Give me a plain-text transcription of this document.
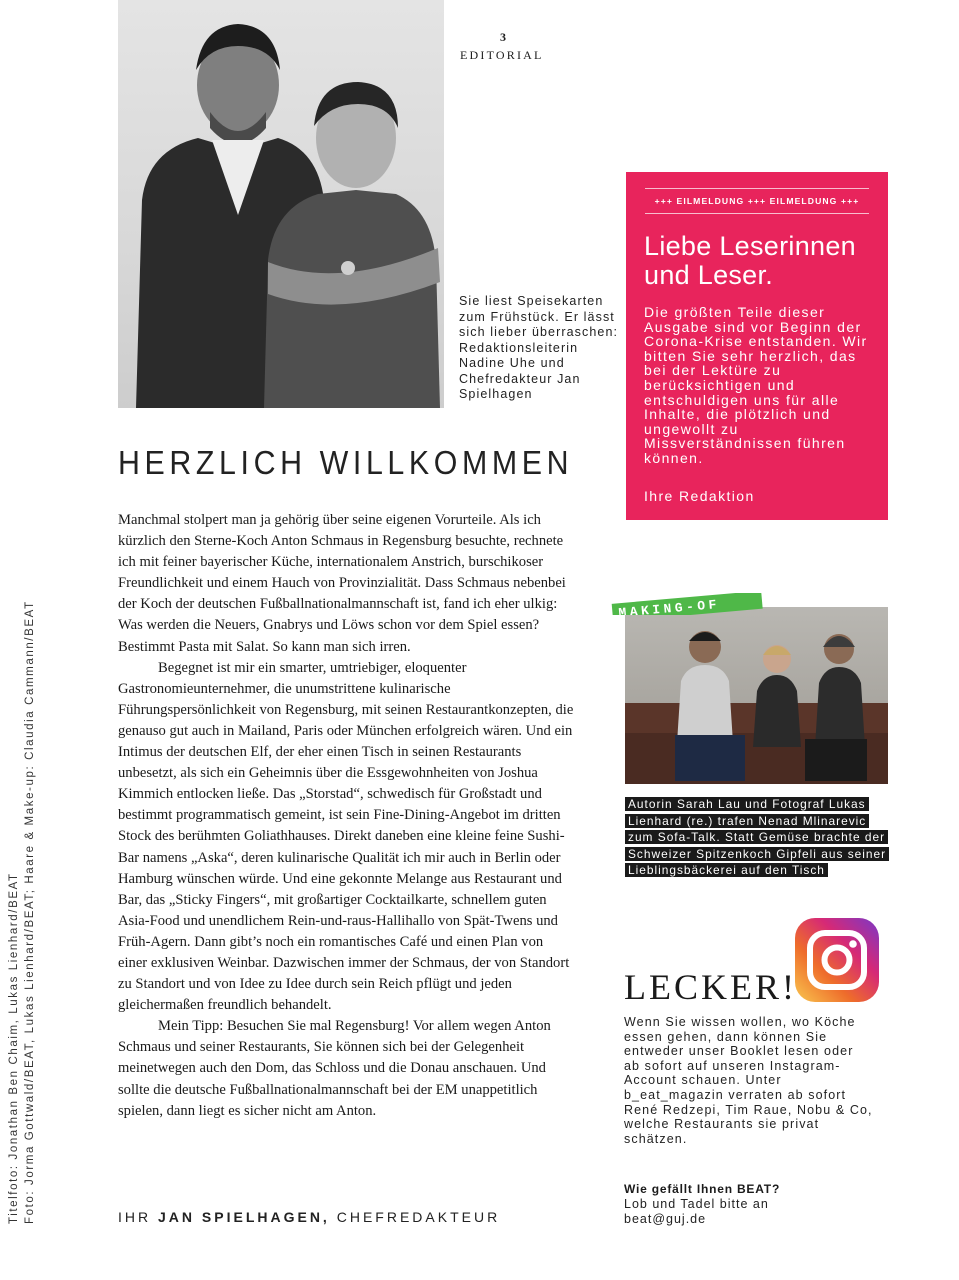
Titelfoto: Jonathan Ben Chaim, Lukas Lienhard/BEAT Foto: Jorma Gottwald/BEAT, Lukas Lienhard/BEAT; Haare & Make-up: Claudia Cammann/BEAT
3
EDITORIAL
Sie liest Speisekarten zum Frühstück. Er lässt sich lieber überraschen: Redaktionsleiterin Nadine Uhe und Chefredakteur Jan Spielhagen
HERZLICH WILLKOMMEN

Manchmal stolpert man ja gehörig über seine eigenen Vorurteile. Als ich kürzlich den Sterne-Koch Anton Schmaus in Regensburg besuchte, rechnete ich mit feiner bayerischer Küche, internationalem Anstrich, burschikoser Freundlichkeit und einem Hauch von Provinzialität. Dass Schmaus nebenbei der Koch der deutschen Fußballnationalmannschaft ist, fand ich eher ulkig: Was werden die Neuers, Gnabrys und Löws schon vor dem Spiel essen? Bestimmt Pasta mit Salat. So kann man sich irren.

Begegnet ist mir ein smarter, umtriebiger, eloquenter Gastronomieunternehmer, die unumstrittene kulinarische Führungspersönlichkeit von Regensburg, mit seinen Restaurantkonzepten, die genauso gut auch in Mailand, Paris oder München erfolgreich wären. Und ein Intimus der deutschen Elf, der eher einen Tisch in seinen Restaurants unbesetzt, als sich ein Geheimnis über die Essgewohnheiten von Joshua Kimmich entlocken ließe. Das „Storstad“, schwedisch für Großstadt und bestimmt programmatisch gemeint, ist sein Fine-Dining-Angebot im dritten Stock des berühmten Goliathhauses. Direkt daneben eine kleine feine Sushi-Bar namens „Aska“, deren kulinarische Qualität ich mir auch in Berlin oder Hamburg wünschen würde. Und eine gekonnte Melange aus Restaurant und Bar, das „Sticky Fingers“, mit großartiger Cocktailkarte, schnellem guten Asia-Food und unendlichem Rein-und-raus-Hallihallo von Spät-Twens und Früh-Agern. Dann gibt’s noch ein romantisches Café und einen Plan von einer exklusiven Weinbar. Dazwischen immer der Schmaus, der von Standort zu Standort und von Idee zu Idee durch sein Reich pflügt und jeden gleichermaßen freundlich behandelt.

Mein Tipp: Besuchen Sie mal Regensburg! Vor allem wegen Anton Schmaus und seiner Restaurants, Sie können sich bei der Gelegenheit meinetwegen auch den Dom, das Schloss und die Donau anschauen. Und sollte die deutsche Fußballnationalmannschaft bei der EM unappetitlich spielen, dann liegt es sicher nicht am Anton.

IHR JAN SPIELHAGEN, CHEFREDAKTEUR
+++ EILMELDUNG +++ EILMELDUNG +++
Liebe Leserinnen und Leser.
Die größten Teile dieser Ausgabe sind vor Beginn der Corona-Krise entstanden. Wir bitten Sie sehr herzlich, das bei der Lektüre zu berücksichtigen und entschuldigen uns für alle Inhalte, die plötzlich und ungewollt zu Missverständnissen führen können.
Ihre Redaktion
MAKING-OF
Autorin Sarah Lau und Fotograf Lukas Lienhard (re.) trafen Nenad Mlinarevic zum Sofa-Talk. Statt Gemüse brachte der Schweizer Spitzenkoch Gipfeli aus seiner Lieblingsbäckerei auf den Tisch
LECKER!
Wenn Sie wissen wollen, wo Köche essen gehen, dann können Sie entweder unser Booklet lesen oder ab sofort auf unseren Instagram-Account schauen. Unter b_eat_magazin verraten ab sofort René Redzepi, Tim Raue, Nobu & Co, welche Restaurants sie privat schätzen.
Wie gefällt Ihnen BEAT?
Lob und Tadel bitte an
beat@guj.de
